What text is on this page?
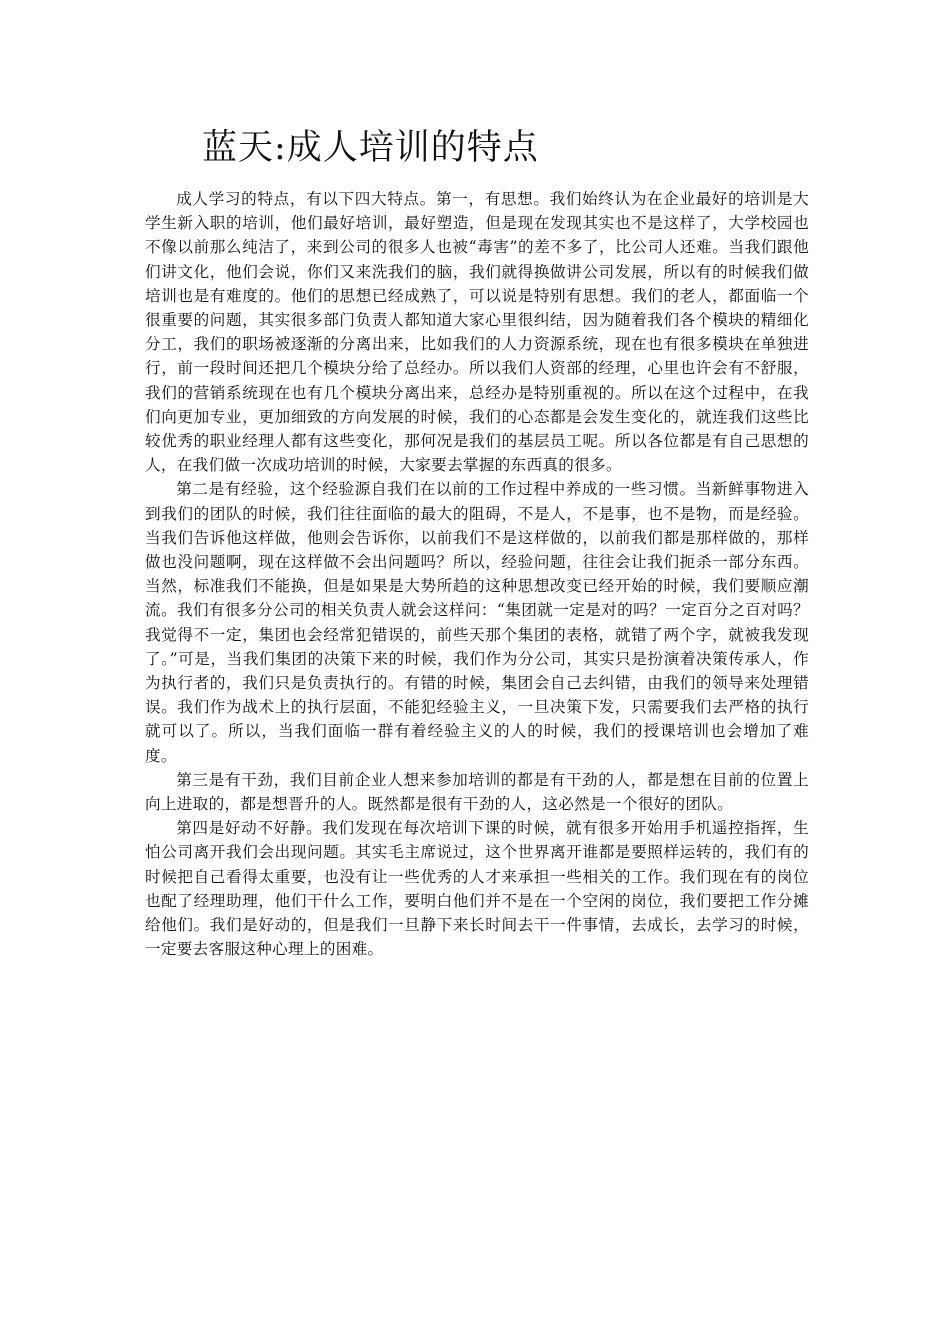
蓝天:成人培训的特点

成人学习的特点，有以下四大特点。第一，有思想。我们始终认为在企业最好的培训是大学生新入职的培训，他们最好培训，最好塑造，但是现在发现其实也不是这样了，大学校园也不像以前那么纯洁了，来到公司的很多人也被“毒害”的差不多了，比公司人还难。当我们跟他们讲文化，他们会说，你们又来洗我们的脑，我们就得换做讲公司发展，所以有的时候我们做培训也是有难度的。他们的思想已经成熟了，可以说是特别有思想。我们的老人，都面临一个很重要的问题，其实很多部门负责人都知道大家心里很纠结，因为随着我们各个模块的精细化分工，我们的职场被逐渐的分离出来，比如我们的人力资源系统，现在也有很多模块在单独进行，前一段时间还把几个模块分给了总经办。所以我们人资部的经理，心里也许会有不舒服，我们的营销系统现在也有几个模块分离出来，总经办是特别重视的。所以在这个过程中，在我们向更加专业，更加细致的方向发展的时候，我们的心态都是会发生变化的，就连我们这些比较优秀的职业经理人都有这些变化，那何况是我们的基层员工呢。所以各位都是有自己思想的人，在我们做一次成功培训的时候，大家要去掌握的东西真的很多。

第二是有经验，这个经验源自我们在以前的工作过程中养成的一些习惯。当新鲜事物进入到我们的团队的时候，我们往往面临的最大的阻碍，不是人，不是事，也不是物，而是经验。当我们告诉他这样做，他则会告诉你，以前我们不是这样做的，以前我们都是那样做的，那样做也没问题啊，现在这样做不会出问题吗？所以，经验问题，往往会让我们扼杀一部分东西。当然，标准我们不能换，但是如果是大势所趋的这种思想改变已经开始的时候，我们要顺应潮流。我们有很多分公司的相关负责人就会这样问：“集团就一定是对的吗？一定百分之百对吗？我觉得不一定，集团也会经常犯错误的，前些天那个集团的表格，就错了两个字，就被我发现了。”可是，当我们集团的决策下来的时候，我们作为分公司，其实只是扮演着决策传承人，作为执行者的，我们只是负责执行的。有错的时候，集团会自己去纠错，由我们的领导来处理错误。我们作为战术上的执行层面，不能犯经验主义，一旦决策下发，只需要我们去严格的执行就可以了。所以，当我们面临一群有着经验主义的人的时候，我们的授课培训也会增加了难度。

第三是有干劲，我们目前企业人想来参加培训的都是有干劲的人，都是想在目前的位置上向上进取的，都是想晋升的人。既然都是很有干劲的人，这必然是一个很好的团队。

第四是好动不好静。我们发现在每次培训下课的时候，就有很多开始用手机遥控指挥，生怕公司离开我们会出现问题。其实毛主席说过，这个世界离开谁都是要照样运转的，我们有的时候把自己看得太重要，也没有让一些优秀的人才来承担一些相关的工作。我们现在有的岗位也配了经理助理，他们干什么工作，要明白他们并不是在一个空闲的岗位，我们要把工作分摊给他们。我们是好动的，但是我们一旦静下来长时间去干一件事情，去成长，去学习的时候，一定要去客服这种心理上的困难。
